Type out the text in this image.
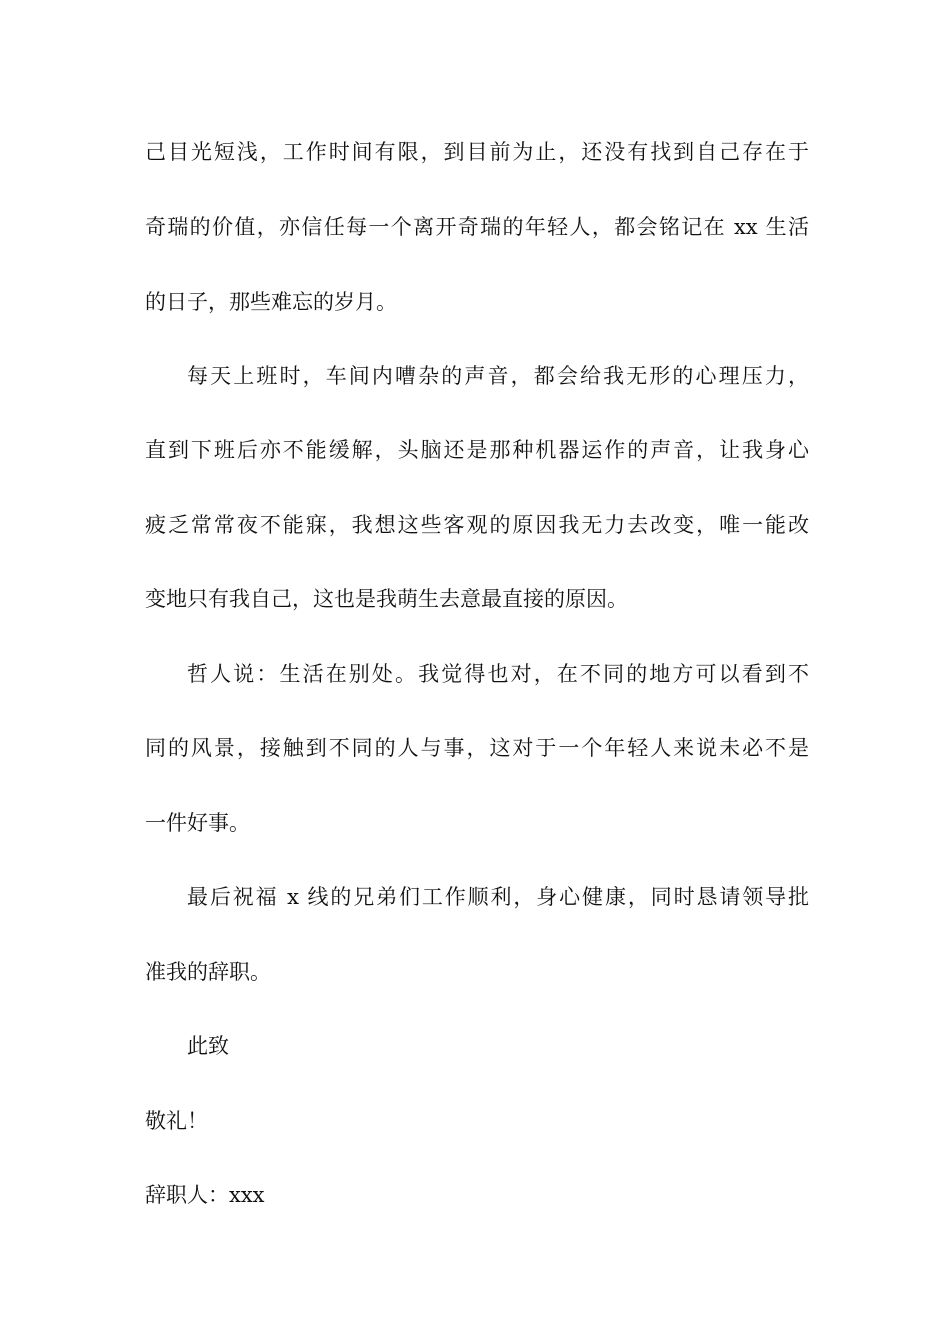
己目光短浅，工作时间有限，到目前为止，还没有找到自己存在于
奇瑞的价值，亦信任每一个离开奇瑞的年轻人，都会铭记在 xx 生活
的日子，那些难忘的岁月。
每天上班时，车间内嘈杂的声音，都会给我无形的心理压力，
直到下班后亦不能缓解，头脑还是那种机器运作的声音，让我身心
疲乏常常夜不能寐，我想这些客观的原因我无力去改变，唯一能改
变地只有我自己，这也是我萌生去意最直接的原因。
哲人说：生活在别处。我觉得也对，在不同的地方可以看到不
同的风景，接触到不同的人与事，这对于一个年轻人来说未必不是
一件好事。
最后祝福 x 线的兄弟们工作顺利，身心健康，同时恳请领导批
准我的辞职。
此致
敬礼！
辞职人：xxx
